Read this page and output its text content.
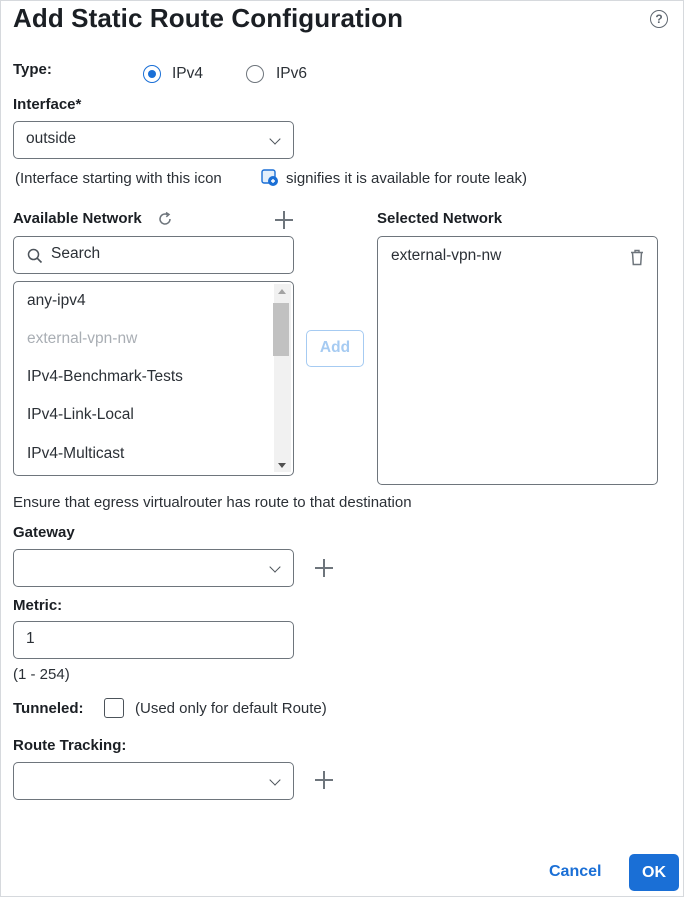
Add Static Route Configuration	?
Type:	IPv4	IPv6
Interface*
outside
(Interface starting with this icon	signifies it is available for route leak)
Available Network
Search
any-ipv4
external-vpn-nw
IPv4-Benchmark-Tests
IPv4-Link-Local
IPv4-Multicast
Add
Selected Network
external-vpn-nw
Ensure that egress virtualrouter has route to that destination
Gateway
Metric:
1
(1 - 254)
Tunneled:	(Used only for default Route)
Route Tracking:
Cancel	OK
